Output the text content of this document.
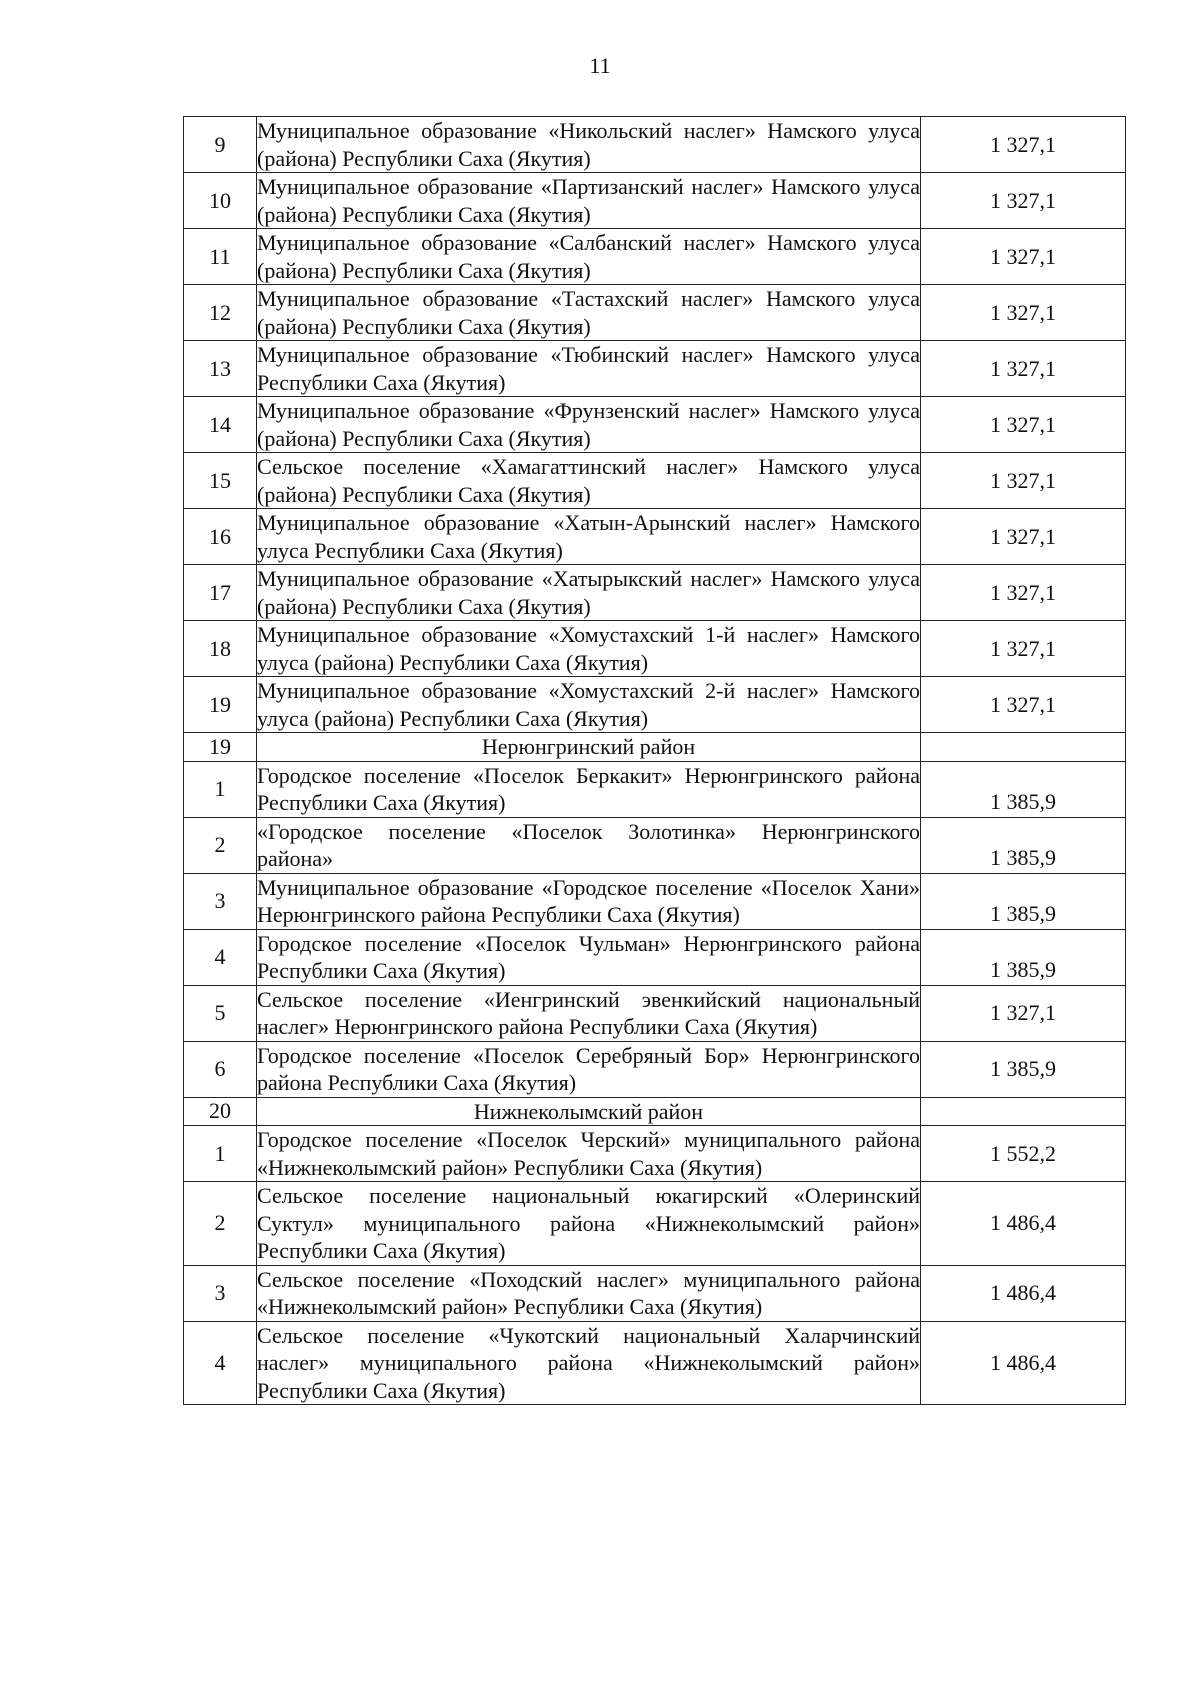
11
9	Муниципальное образование «Никольский наслег» Намского улуса (района) Республики Саха (Якутия)	1 327,1
10	Муниципальное образование «Партизанский наслег» Намского улуса (района) Республики Саха (Якутия)	1 327,1
11	Муниципальное образование «Салбанский наслег» Намского улуса (района) Республики Саха (Якутия)	1 327,1
12	Муниципальное образование «Тастахский наслег» Намского улуса (района) Республики Саха (Якутия)	1 327,1
13	Муниципальное образование «Тюбинский наслег» Намского улуса Республики Саха (Якутия)	1 327,1
14	Муниципальное образование «Фрунзенский наслег» Намского улуса (района) Республики Саха (Якутия)	1 327,1
15	Сельское поселение «Хамагаттинский наслег» Намского улуса (района) Республики Саха (Якутия)	1 327,1
16	Муниципальное образование «Хатын-Арынский наслег» Намского улуса Республики Саха (Якутия)	1 327,1
17	Муниципальное образование «Хатырыкский наслег» Намского улуса (района) Республики Саха (Якутия)	1 327,1
18	Муниципальное образование «Хомустахский 1-й наслег» Намского улуса (района) Республики Саха (Якутия)	1 327,1
19	Муниципальное образование «Хомустахский 2-й наслег» Намского улуса (района) Республики Саха (Якутия)	1 327,1
19	Нерюнгринский район	
1	Городское поселение «Поселок Беркакит» Нерюнгринского района Республики Саха (Якутия)	1 385,9
2	«Городское поселение «Поселок Золотинка» Нерюнгринского района»	1 385,9
3	Муниципальное образование «Городское поселение «Поселок Хани» Нерюнгринского района Республики Саха (Якутия)	1 385,9
4	Городское поселение «Поселок Чульман» Нерюнгринского района Республики Саха (Якутия)	1 385,9
5	Сельское поселение «Иенгринский эвенкийский национальный наслег» Нерюнгринского района Республики Саха (Якутия)	1 327,1
6	Городское поселение «Поселок Серебряный Бор» Нерюнгринского района Республики Саха (Якутия)	1 385,9
20	Нижнеколымский район	
1	Городское поселение «Поселок Черский» муниципального района «Нижнеколымский район» Республики Саха (Якутия)	1 552,2
2	Сельское поселение национальный юкагирский «Олеринский Суктул» муниципального района «Нижнеколымский район» Республики Саха (Якутия)	1 486,4
3	Сельское поселение «Походский наслег» муниципального района «Нижнеколымский район» Республики Саха (Якутия)	1 486,4
4	Сельское поселение «Чукотский национальный Халарчинский наслег» муниципального района «Нижнеколымский район» Республики Саха (Якутия)	1 486,4
